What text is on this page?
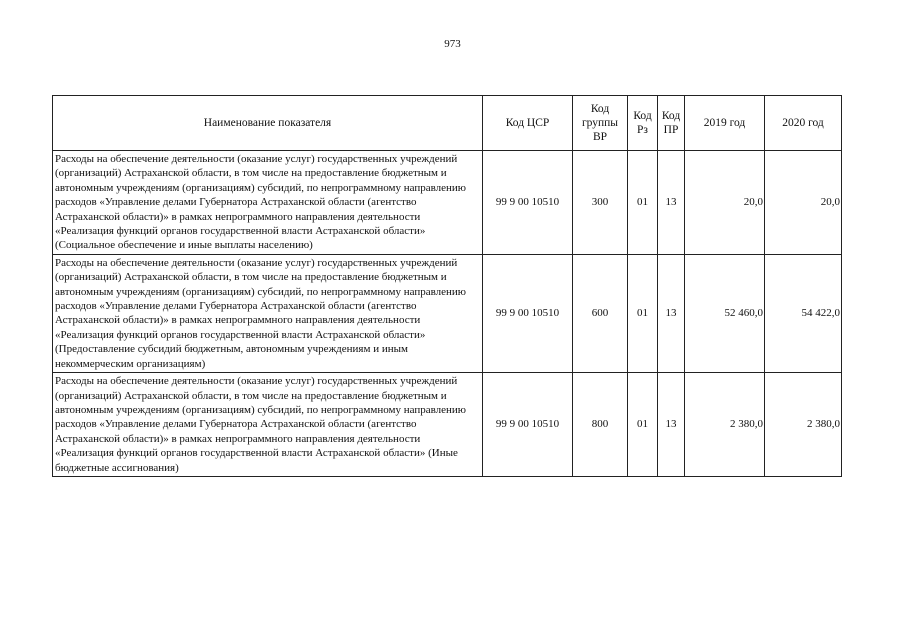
973
Наименование показателя	Код ЦСР	Код группы ВР	Код Рз	Код ПР	2019 год	2020 год
Расходы на обеспечение деятельности (оказание услуг) государственных учреждений (организаций) Астраханской области, в том числе на предоставление бюджетным и автономным учреждениям (организациям) субсидий, по непрограммному направлению расходов «Управление делами Губернатора Астраханской области (агентство Астраханской области)» в рамках непрограммного направления деятельности «Реализация функций органов государственной власти Астраханской области» (Социальное обеспечение и иные выплаты населению)	99 9 00 10510	300	01	13	20,0	20,0
Расходы на обеспечение деятельности (оказание услуг) государственных учреждений (организаций) Астраханской области, в том числе на предоставление бюджетным и автономным учреждениям (организациям) субсидий, по непрограммному направлению расходов «Управление делами Губернатора Астраханской области (агентство Астраханской области)» в рамках непрограммного направления деятельности «Реализация функций органов государственной власти Астраханской области» (Предоставление субсидий бюджетным, автономным учреждениям и иным некоммерческим организациям)	99 9 00 10510	600	01	13	52 460,0	54 422,0
Расходы на обеспечение деятельности (оказание услуг) государственных учреждений (организаций) Астраханской области, в том числе на предоставление бюджетным и автономным учреждениям (организациям) субсидий, по непрограммному направлению расходов «Управление делами Губернатора Астраханской области (агентство Астраханской области)» в рамках непрограммного направления деятельности «Реализация функций органов государственной власти Астраханской области» (Иные бюджетные ассигнования)	99 9 00 10510	800	01	13	2 380,0	2 380,0
